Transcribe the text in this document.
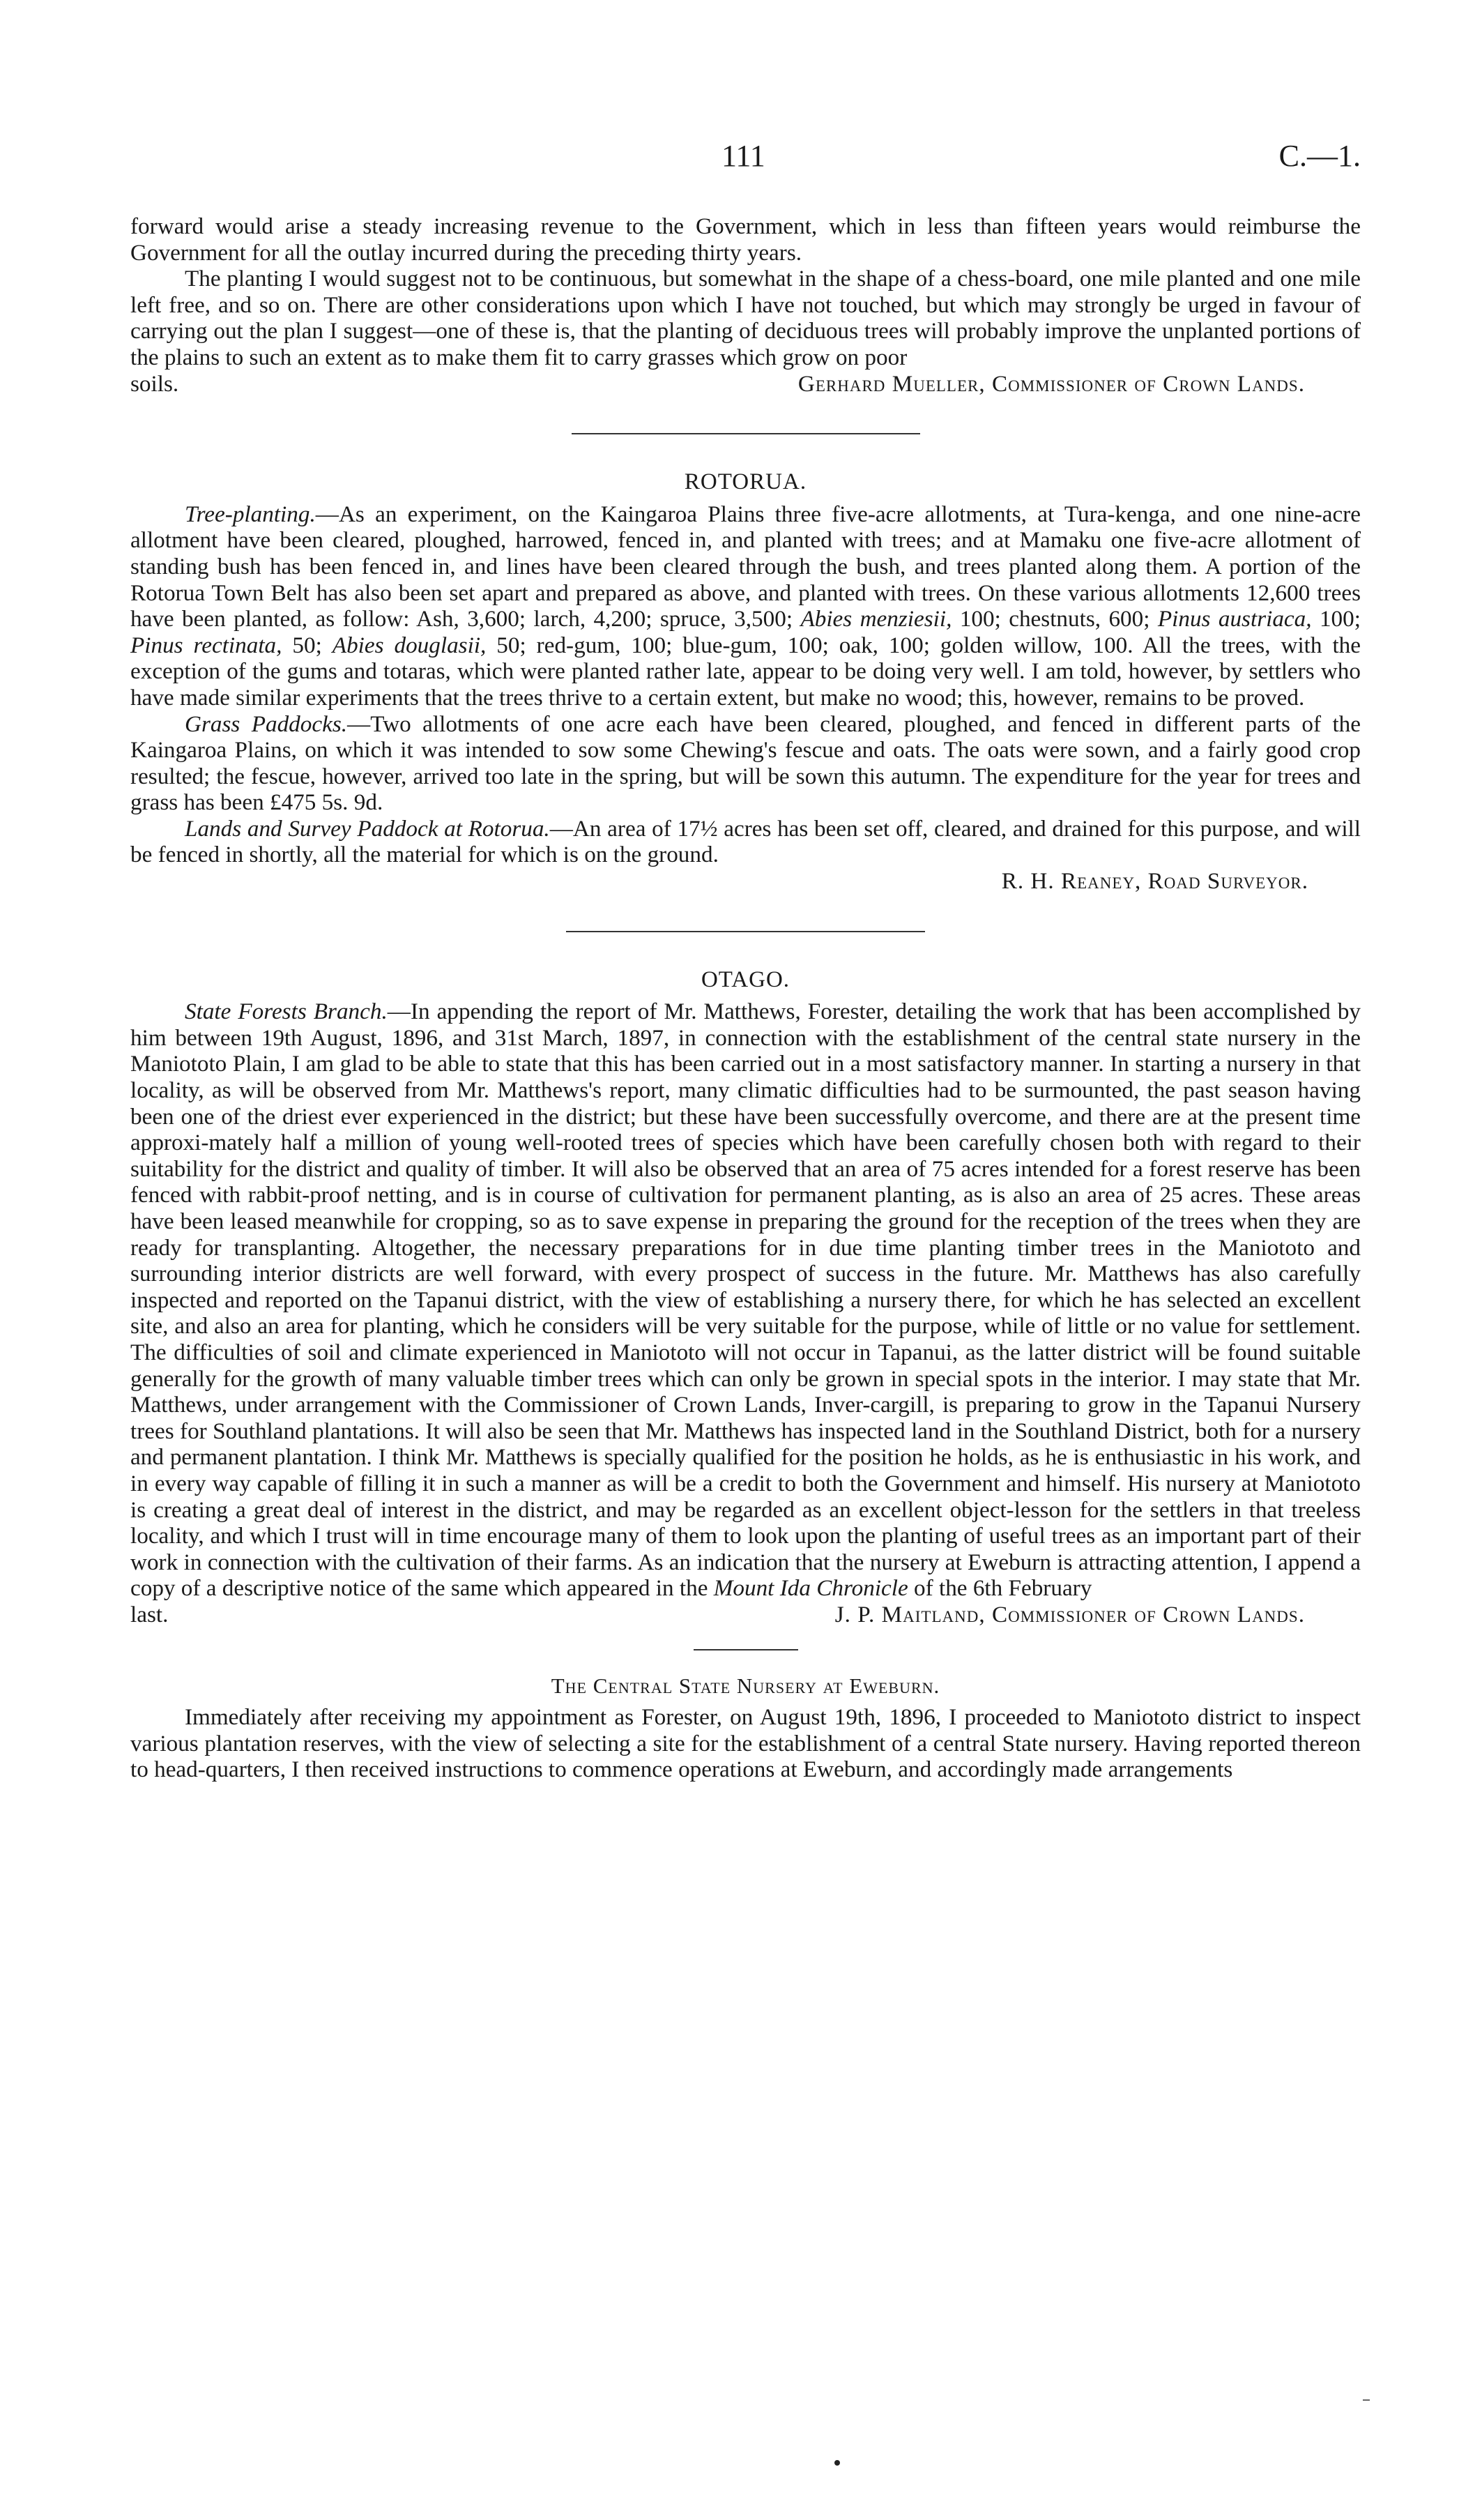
111	C.—1.

forward would arise a steady increasing revenue to the Government, which in less than fifteen years would reimburse the Government for all the outlay incurred during the preceding thirty years.

The planting I would suggest not to be continuous, but somewhat in the shape of a chess-board, one mile planted and one mile left free, and so on. There are other considerations upon which I have not touched, but which may strongly be urged in favour of carrying out the plan I suggest—one of these is, that the planting of deciduous trees will probably improve the unplanted portions of the plains to such an extent as to make them fit to carry grasses which grow on poor

soils.	Gerhard Mueller, Commissioner of Crown Lands.
ROTORUA.

Tree-planting.—As an experiment, on the Kaingaroa Plains three five-acre allotments, at Tura-kenga, and one nine-acre allotment have been cleared, ploughed, harrowed, fenced in, and planted with trees; and at Mamaku one five-acre allotment of standing bush has been fenced in, and lines have been cleared through the bush, and trees planted along them. A portion of the Rotorua Town Belt has also been set apart and prepared as above, and planted with trees. On these various allotments 12,600 trees have been planted, as follow: Ash, 3,600; larch, 4,200; spruce, 3,500; Abies menziesii, 100; chestnuts, 600; Pinus austriaca, 100; Pinus rectinata, 50; Abies douglasii, 50; red-gum, 100; blue-gum, 100; oak, 100; golden willow, 100. All the trees, with the exception of the gums and totaras, which were planted rather late, appear to be doing very well. I am told, however, by settlers who have made similar experiments that the trees thrive to a certain extent, but make no wood; this, however, remains to be proved.

Grass Paddocks.—Two allotments of one acre each have been cleared, ploughed, and fenced in different parts of the Kaingaroa Plains, on which it was intended to sow some Chewing's fescue and oats. The oats were sown, and a fairly good crop resulted; the fescue, however, arrived too late in the spring, but will be sown this autumn. The expenditure for the year for trees and grass has been £475 5s. 9d.

Lands and Survey Paddock at Rotorua.—An area of 17½ acres has been set off, cleared, and drained for this purpose, and will be fenced in shortly, all the material for which is on the ground.

R. H. Reaney, Road Surveyor.
OTAGO.

State Forests Branch.—In appending the report of Mr. Matthews, Forester, detailing the work that has been accomplished by him between 19th August, 1896, and 31st March, 1897, in connection with the establishment of the central state nursery in the Maniototo Plain, I am glad to be able to state that this has been carried out in a most satisfactory manner. In starting a nursery in that locality, as will be observed from Mr. Matthews's report, many climatic difficulties had to be surmounted, the past season having been one of the driest ever experienced in the district; but these have been successfully overcome, and there are at the present time approxi-mately half a million of young well-rooted trees of species which have been carefully chosen both with regard to their suitability for the district and quality of timber. It will also be observed that an area of 75 acres intended for a forest reserve has been fenced with rabbit-proof netting, and is in course of cultivation for permanent planting, as is also an area of 25 acres. These areas have been leased meanwhile for cropping, so as to save expense in preparing the ground for the reception of the trees when they are ready for transplanting. Altogether, the necessary preparations for in due time planting timber trees in the Maniototo and surrounding interior districts are well forward, with every prospect of success in the future. Mr. Matthews has also carefully inspected and reported on the Tapanui district, with the view of establishing a nursery there, for which he has selected an excellent site, and also an area for planting, which he considers will be very suitable for the purpose, while of little or no value for settlement. The difficulties of soil and climate experienced in Maniototo will not occur in Tapanui, as the latter district will be found suitable generally for the growth of many valuable timber trees which can only be grown in special spots in the interior. I may state that Mr. Matthews, under arrangement with the Commissioner of Crown Lands, Inver-cargill, is preparing to grow in the Tapanui Nursery trees for Southland plantations. It will also be seen that Mr. Matthews has inspected land in the Southland District, both for a nursery and permanent plantation. I think Mr. Matthews is specially qualified for the position he holds, as he is enthusiastic in his work, and in every way capable of filling it in such a manner as will be a credit to both the Government and himself. His nursery at Maniototo is creating a great deal of interest in the district, and may be regarded as an excellent object-lesson for the settlers in that treeless locality, and which I trust will in time encourage many of them to look upon the planting of useful trees as an important part of their work in connection with the cultivation of their farms. As an indication that the nursery at Eweburn is attracting attention, I append a copy of a descriptive notice of the same which appeared in the Mount Ida Chronicle of the 6th February

last.	J. P. Maitland, Commissioner of Crown Lands.
The Central State Nursery at Eweburn.

Immediately after receiving my appointment as Forester, on August 19th, 1896, I proceeded to Maniototo district to inspect various plantation reserves, with the view of selecting a site for the establishment of a central State nursery. Having reported thereon to head-quarters, I then received instructions to commence operations at Eweburn, and accordingly made arrangements
